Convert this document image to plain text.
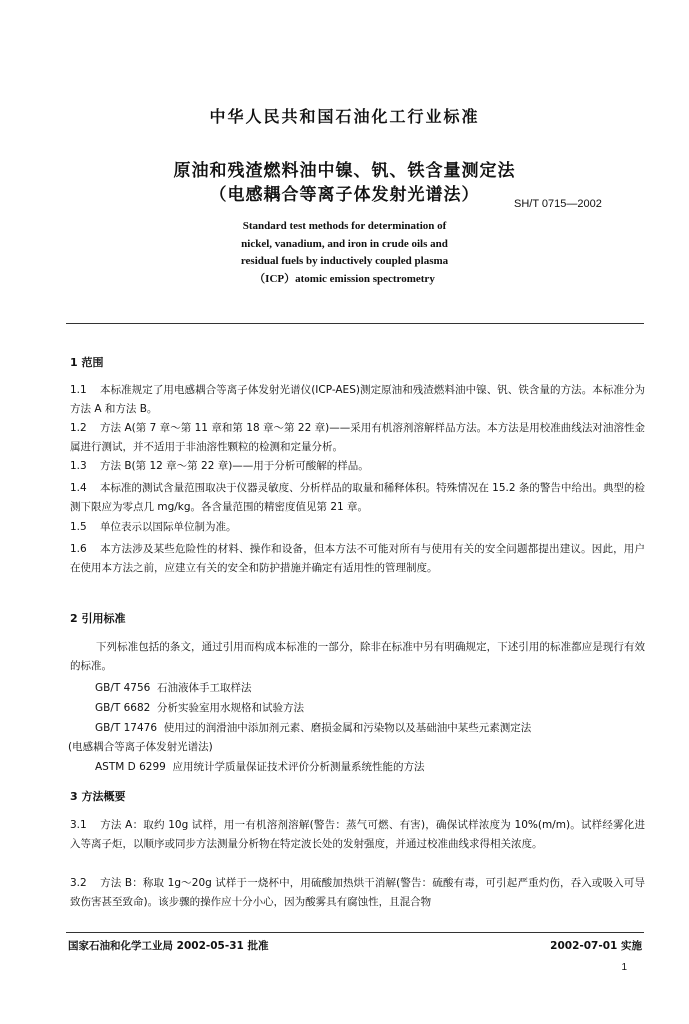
中华人民共和国石油化工行业标准
原油和残渣燃料油中镍、钒、铁含量测定法
（电感耦合等离子体发射光谱法）	SH/T 0715—2002
Standard test methods for determination of
nickel, vanadium, and iron in crude oils and
residual fuels by inductively coupled plasma
（ICP）atomic emission spectrometry
1 范围

1.1 本标准规定了用电感耦合等离子体发射光谱仪(ICP-AES)测定原油和残渣燃料油中镍、钒、铁含量的方法。本标准分为方法 A 和方法 B。

1.2 方法 A(第 7 章～第 11 章和第 18 章～第 22 章)——采用有机溶剂溶解样品方法。本方法是用校准曲线法对油溶性金属进行测试，并不适用于非油溶性颗粒的检测和定量分析。

1.3 方法 B(第 12 章～第 22 章)——用于分析可酸解的样品。

1.4 本标准的测试含量范围取决于仪器灵敏度、分析样品的取量和稀释体积。特殊情况在 15.2 条的警告中给出。典型的检测下限应为零点几 mg/kg。各含量范围的精密度值见第 21 章。

1.5 单位表示以国际单位制为准。

1.6 本方法涉及某些危险性的材料、操作和设备，但本方法不可能对所有与使用有关的安全问题都提出建议。因此，用户在使用本方法之前，应建立有关的安全和防护措施并确定有适用性的管理制度。

2 引用标准

下列标准包括的条文，通过引用而构成本标准的一部分，除非在标准中另有明确规定，下述引用的标准都应是现行有效的标准。

GB/T 4756 石油液体手工取样法
GB/T 6682 分析实验室用水规格和试验方法
GB/T 17476 使用过的润滑油中添加剂元素、磨损金属和污染物以及基础油中某些元素测定法
(电感耦合等离子体发射光谱法)
ASTM D 6299 应用统计学质量保证技术评价分析测量系统性能的方法
3 方法概要

3.1 方法 A：取约 10g 试样，用一有机溶剂溶解(警告：蒸气可燃、有害)，确保试样浓度为 10%(m/m)。试样经雾化进入等离子炬，以顺序或同步方法测量分析物在特定波长处的发射强度，并通过校准曲线求得相关浓度。

3.2 方法 B：称取 1g～20g 试样于一烧杯中，用硫酸加热烘干消解(警告：硫酸有毒，可引起严重灼伤，吞入或吸入可导致伤害甚至致命)。该步骤的操作应十分小心，因为酸雾具有腐蚀性，且混合物

国家石油和化学工业局 2002-05-31 批准	2002-07-01 实施
1
